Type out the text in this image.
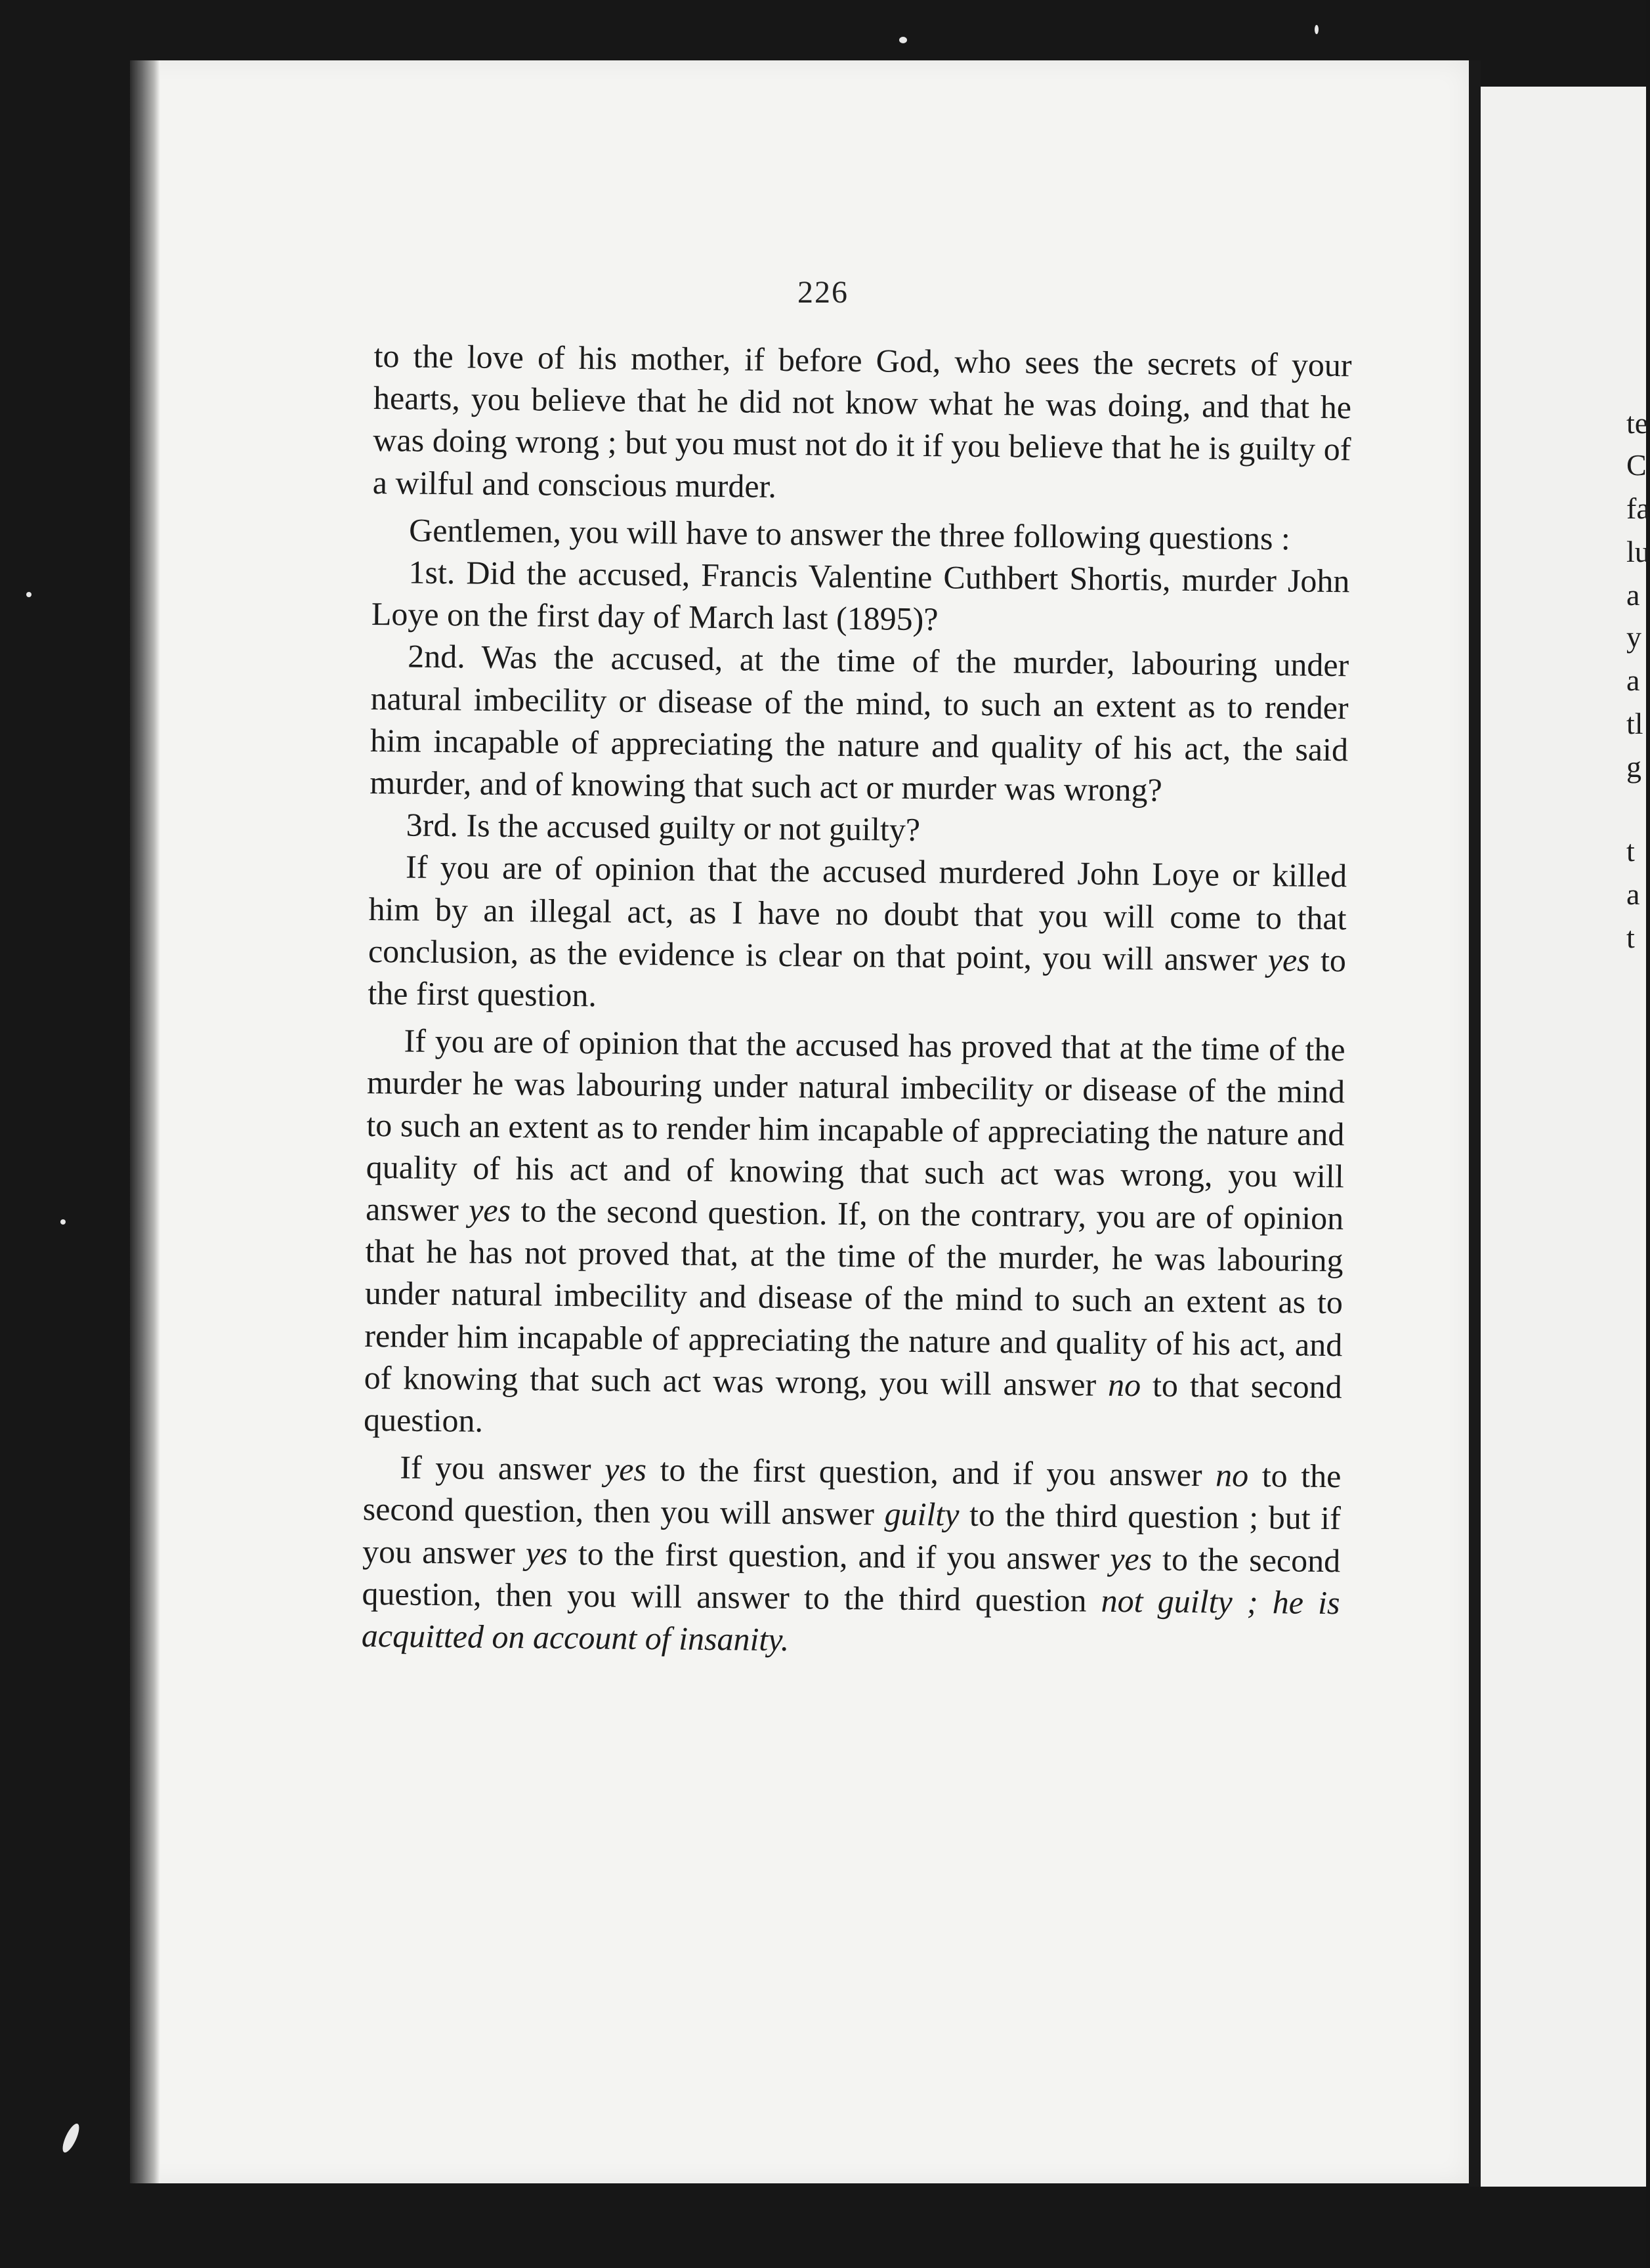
te
C
fa
lu
a
y
a
tl
g
t
a
t
226

to the love of his mother, if before God, who sees the secrets of your hearts, you believe that he did not know what he was doing, and that he was doing wrong ; but you must not do it if you believe that he is guilty of a wilful and conscious murder.

Gentlemen, you will have to answer the three following questions :

1st. Did the accused, Francis Valentine Cuthbert Shortis, murder John Loye on the first day of March last (1895)?

2nd. Was the accused, at the time of the murder, labouring under natural imbecility or disease of the mind, to such an extent as to render him incapable of appreciating the nature and quality of his act, the said murder, and of knowing that such act or murder was wrong?

3rd. Is the accused guilty or not guilty?

If you are of opinion that the accused murdered John Loye or killed him by an illegal act, as I have no doubt that you will come to that conclusion, as the evidence is clear on that point, you will answer yes to the first question.

If you are of opinion that the accused has proved that at the time of the murder he was labouring under natural imbecility or disease of the mind to such an extent as to render him incapable of appreciating the nature and quality of his act and of knowing that such act was wrong, you will answer yes to the second question. If, on the contrary, you are of opinion that he has not proved that, at the time of the murder, he was labouring under natural imbecility and disease of the mind to such an extent as to render him incapable of appreciating the nature and quality of his act, and of knowing that such act was wrong, you will answer no to that second question.

If you answer yes to the first question, and if you answer no to the second question, then you will answer guilty to the third question ; but if you answer yes to the first question, and if you answer yes to the second question, then you will answer to the third question not guilty ; he is acquitted on account of insanity.
